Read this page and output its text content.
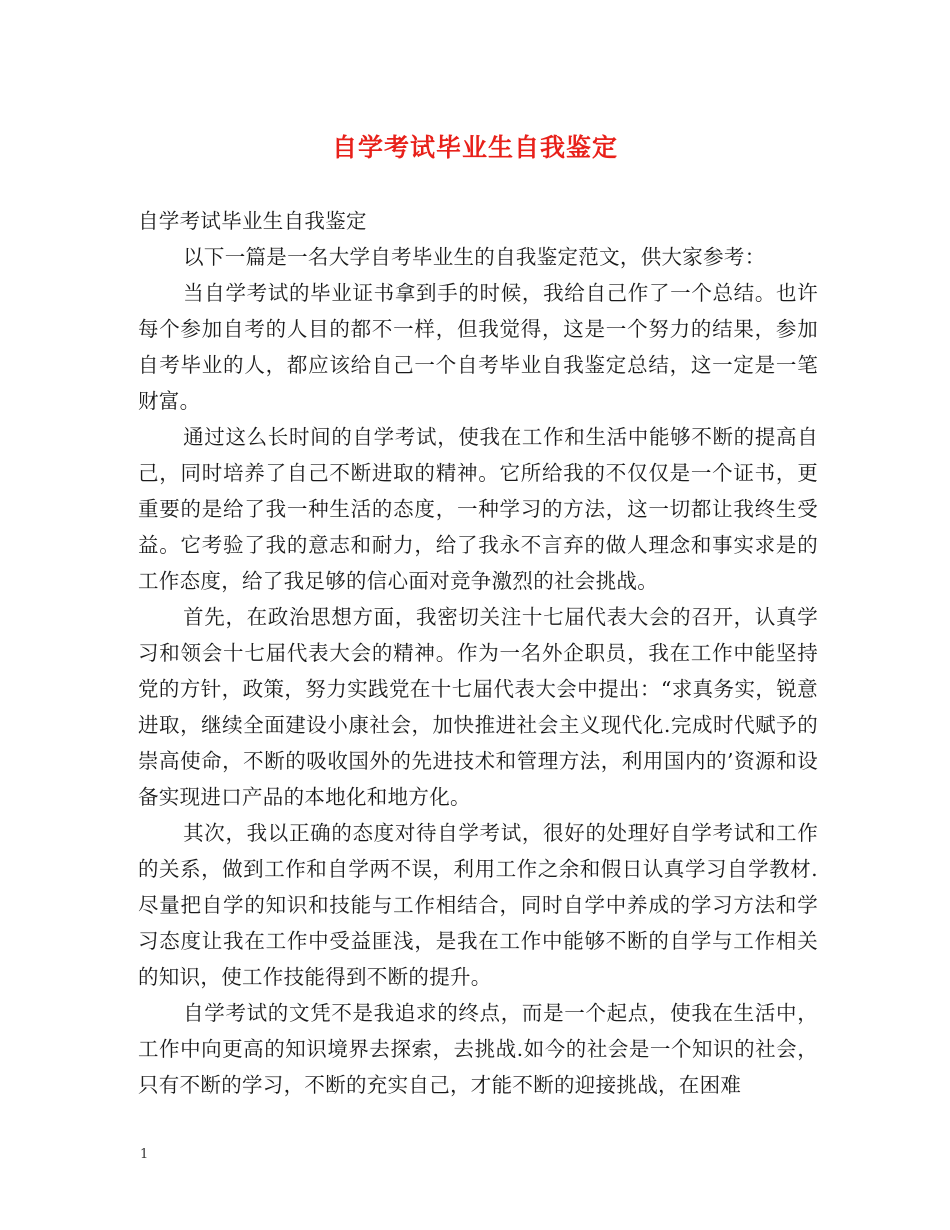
自学考试毕业生自我鉴定

自学考试毕业生自我鉴定

以下一篇是一名大学自考毕业生的自我鉴定范文，供大家参考：

当自学考试的毕业证书拿到手的时候，我给自己作了一个总结。也许每个参加自考的人目的都不一样，但我觉得，这是一个努力的结果，参加自考毕业的人，都应该给自己一个自考毕业自我鉴定总结，这一定是一笔财富。

通过这么长时间的自学考试，使我在工作和生活中能够不断的提高自己，同时培养了自己不断进取的精神。它所给我的不仅仅是一个证书，更重要的是给了我一种生活的态度，一种学习的方法，这一切都让我终生受益。它考验了我的意志和耐力，给了我永不言弃的做人理念和事实求是的工作态度，给了我足够的信心面对竞争激烈的社会挑战。

首先，在政治思想方面，我密切关注十七届代表大会的召开，认真学习和领会十七届代表大会的精神。作为一名外企职员，我在工作中能坚持党的方针，政策，努力实践党在十七届代表大会中提出：“求真务实，锐意进取，继续全面建设小康社会，加快推进社会主义现代化.完成时代赋予的崇高使命，不断的吸收国外的先进技术和管理方法，利用国内的’资源和设备实现进口产品的本地化和地方化。

其次，我以正确的态度对待自学考试，很好的处理好自学考试和工作的关系，做到工作和自学两不误，利用工作之余和假日认真学习自学教材.尽量把自学的知识和技能与工作相结合，同时自学中养成的学习方法和学习态度让我在工作中受益匪浅，是我在工作中能够不断的自学与工作相关的知识，使工作技能得到不断的提升。

自学考试的文凭不是我追求的终点，而是一个起点，使我在生活中，工作中向更高的知识境界去探索，去挑战.如今的社会是一个知识的社会，只有不断的学习，不断的充实自己，才能不断的迎接挑战，在困难

1
